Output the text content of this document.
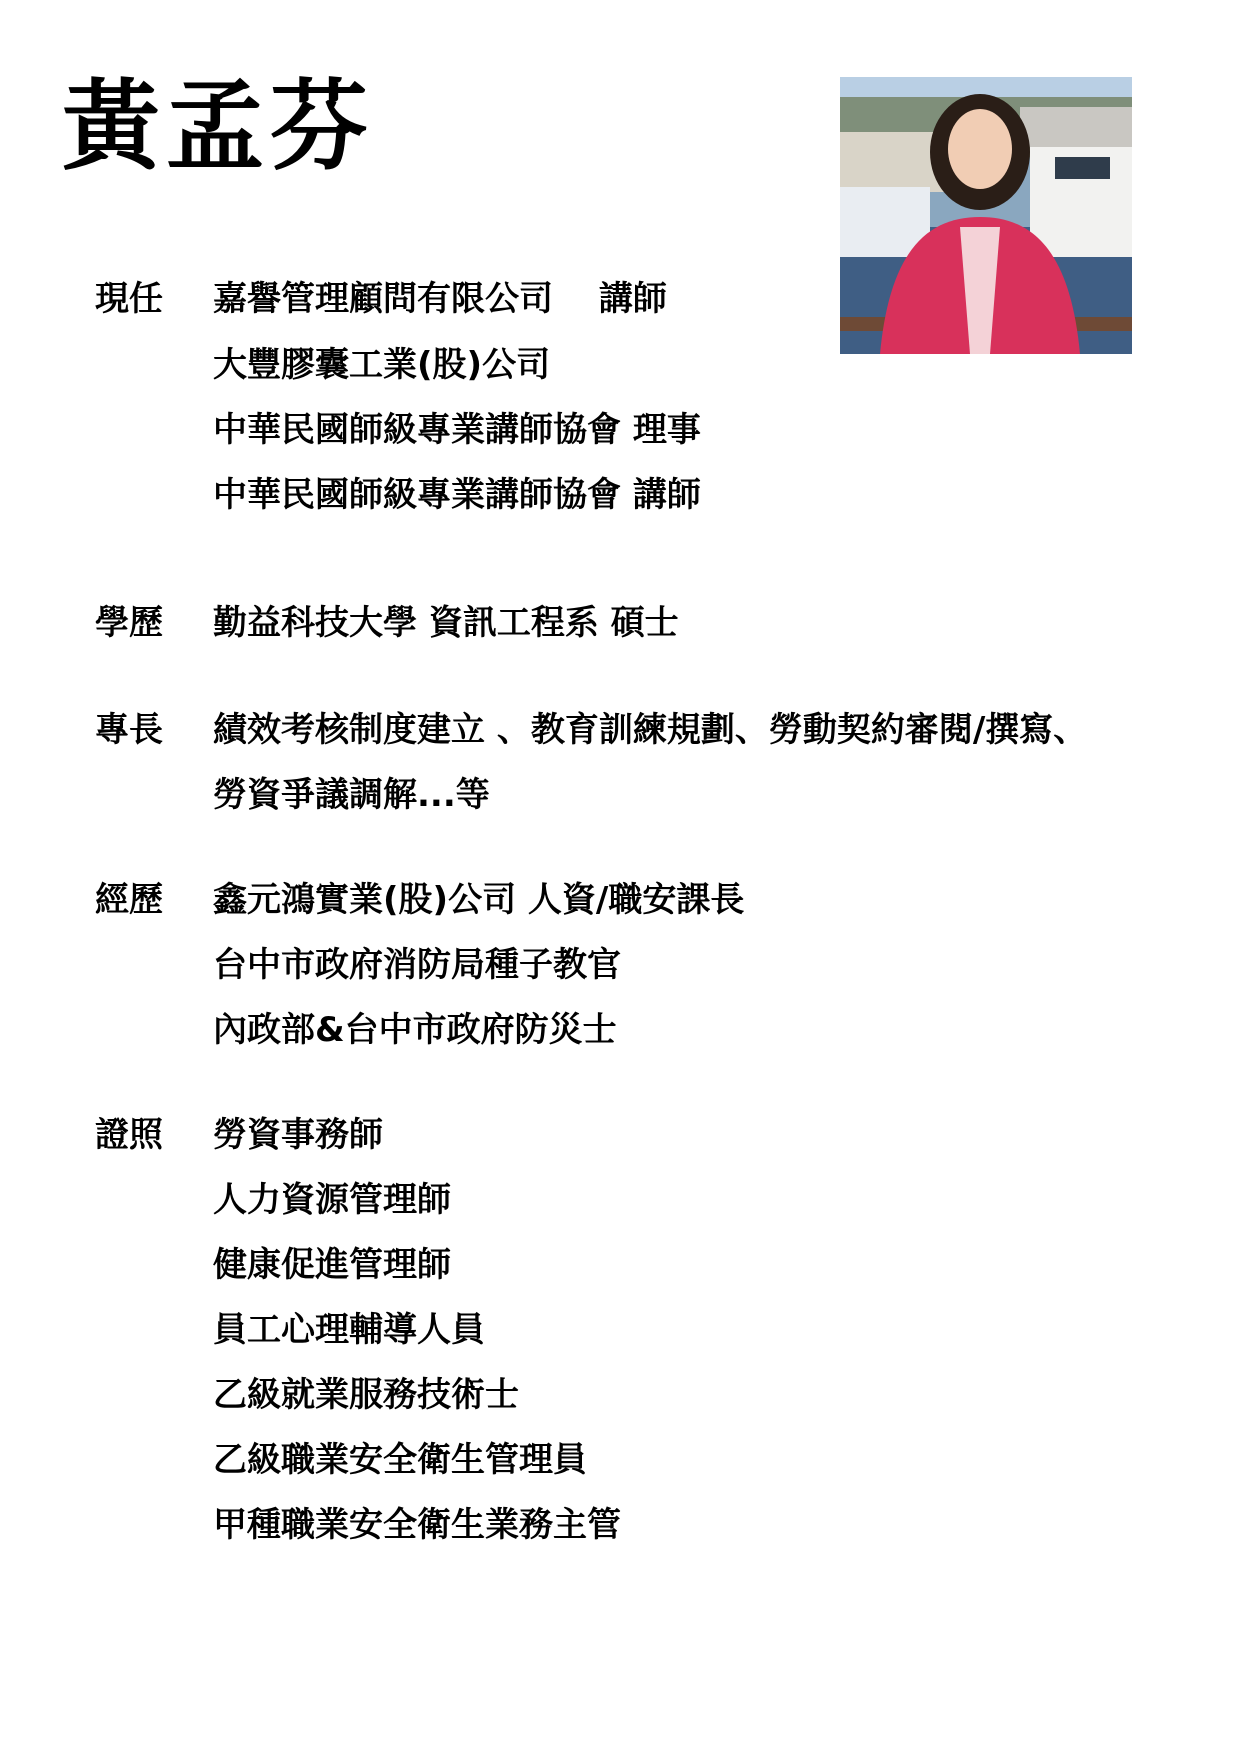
黃孟芬
現任 嘉譽管理顧問有限公司　 講師
大豐膠囊工業(股)公司
中華民國師級專業講師協會 理事
中華民國師級專業講師協會 講師
學歷 勤益科技大學 資訊工程系 碩士
專長 績效考核制度建立 、教育訓練規劃、勞動契約審閱/撰寫、
勞資爭議調解...等
經歷 鑫元鴻實業(股)公司 人資/職安課長
台中市政府消防局種子教官
內政部&台中市政府防災士
證照 勞資事務師
人力資源管理師
健康促進管理師
員工心理輔導人員
乙級就業服務技術士
乙級職業安全衛生管理員
甲種職業安全衛生業務主管
